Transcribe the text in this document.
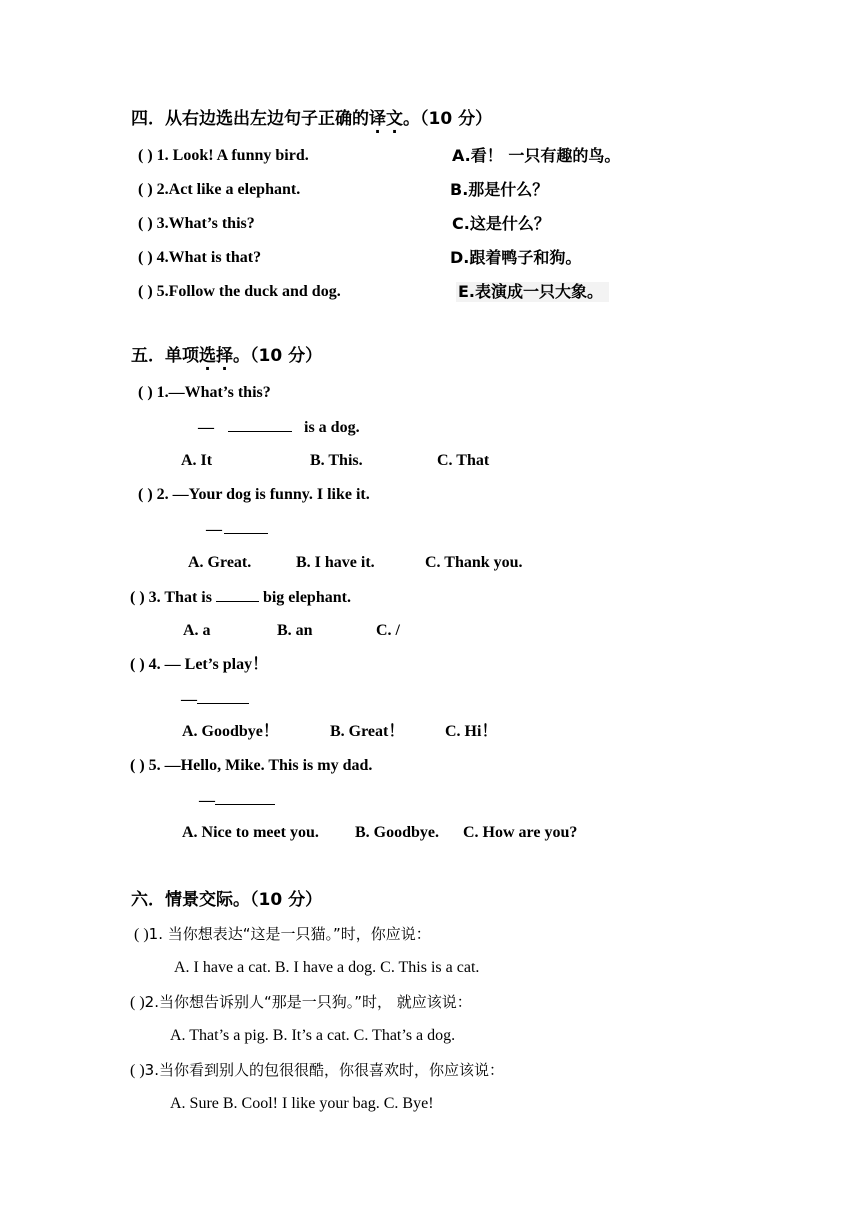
四．从右边选出左边句子正确的译文。（10 分）
( ) 1. Look! A funny bird.	A.看！ 一只有趣的鸟。
( ) 2.Act like a elephant.	B.那是什么？
( ) 3.What’s this?	C.这是什么？
( ) 4.What is that?	D.跟着鸭子和狗。
( ) 5.Follow the duck and dog.	E.表演成一只大象。
五．单项选择。（10 分）
( ) 1.—What’s this?
—	is a dog.
A. It	B. This.	C. That
( ) 2. —Your dog is funny. I like it.
—
A. Great.	B. I have it.	C. Thank you.
( ) 3. That is	big elephant.
A. a	B. an	C. /
( ) 4. — Let’s play！
—
A. Goodbye！	B. Great！	C. Hi！
( ) 5. —Hello, Mike. This is my dad.
—
A. Nice to meet you. B. Goodbye. C. How are you?
六．情景交际。（10 分）
( )1. 当你想表达“这是一只猫。”时，你应说：
A. I have a cat. B. I have a dog. C. This is a cat.
( )2.当你想告诉别人“那是一只狗。”时， 就应该说：
A. That’s a pig. B. It’s a cat. C. That’s a dog.
( )3.当你看到别人的包很很酷，你很喜欢时，你应该说：
A. Sure B. Cool! I like your bag. C. Bye!
